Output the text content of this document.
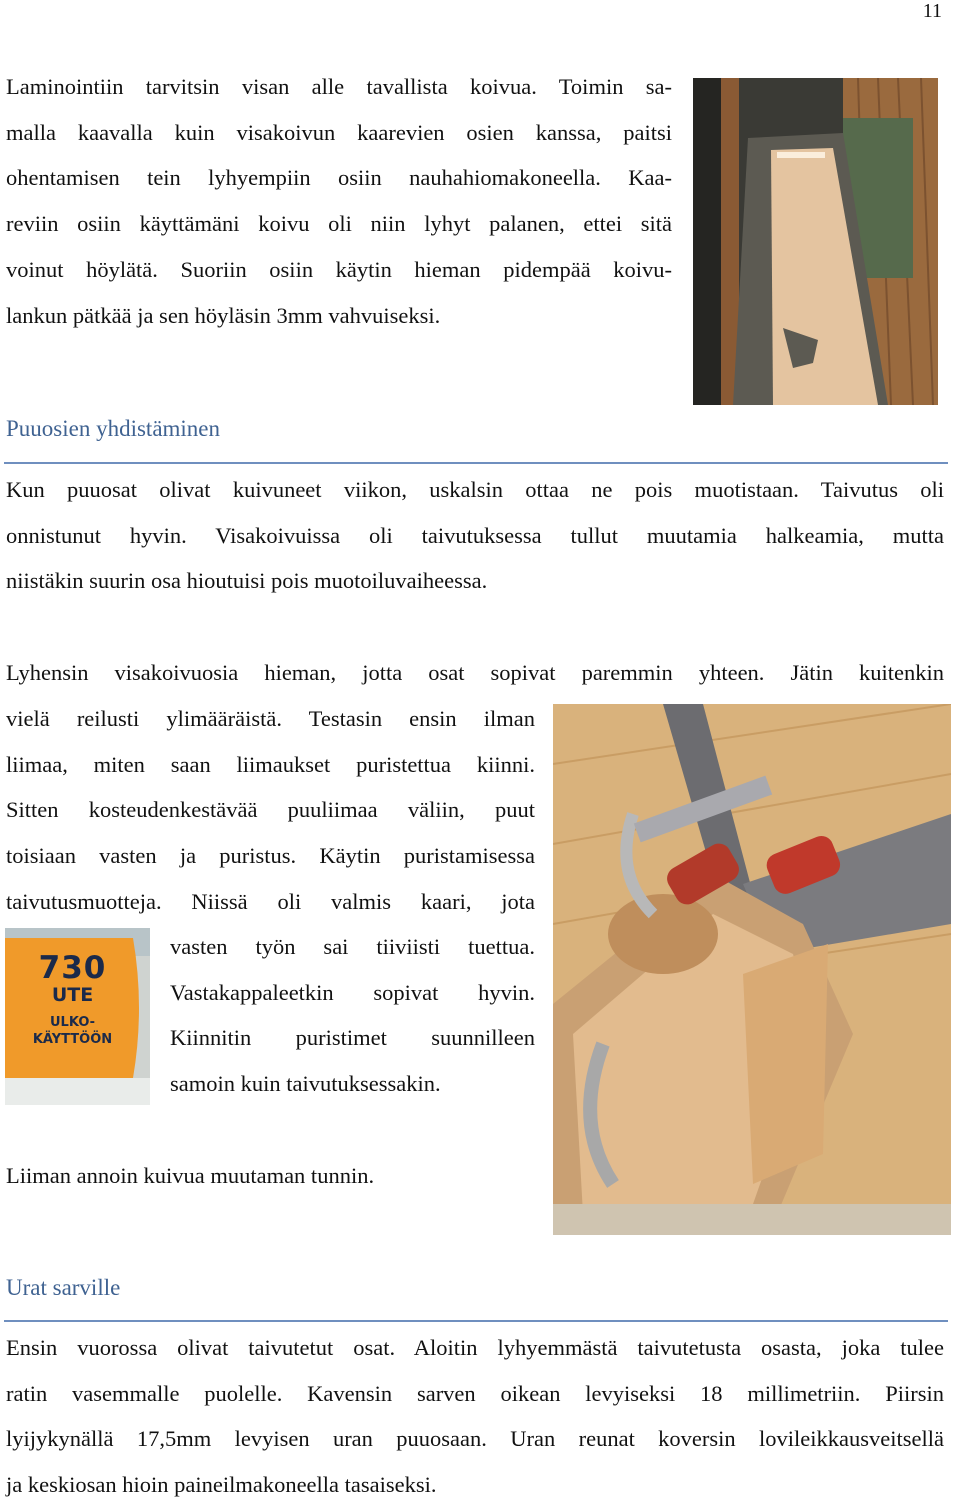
11
Laminointiin tarvitsin visan alle tavallista koivua. Toimin sa-
malla kaavalla kuin visakoivun kaarevien osien kanssa, paitsi
ohentamisen tein lyhyempiin osiin nauhahiomakoneella. Kaa-
reviin osiin käyttämäni koivu oli niin lyhyt palanen, ettei sitä
voinut höylätä. Suoriin osiin käytin hieman pidempää koivu-
lankun pätkää ja sen höyläsin 3mm vahvuiseksi.
Puuosien yhdistäminen
Kun puuosat olivat kuivuneet viikon, uskalsin ottaa ne pois muotistaan. Taivutus oli
onnistunut hyvin. Visakoivuissa oli taivutuksessa tullut muutamia halkeamia, mutta
niistäkin suurin osa hioutuisi pois muotoiluvaiheessa.
Lyhensin visakoivuosia hieman, jotta osat sopivat paremmin yhteen. Jätin kuitenkin
vielä reilusti ylimääräistä. Testasin ensin ilman
liimaa, miten saan liimaukset puristettua kiinni.
Sitten kosteudenkestävää puuliimaa väliin, puut
toisiaan vasten ja puristus. Käytin puristamisessa
taivutusmuotteja. Niissä oli valmis kaari, jota
vasten työn sai tiiviisti tuettua.
Vastakappaleetkin sopivat hyvin.
Kiinnitin puristimet suunnilleen
samoin kuin taivutuksessakin.
730
UTE
ULKO-
KÄYTTÖÖN
Liiman annoin kuivua muutaman tunnin.
Urat sarville
Ensin vuorossa olivat taivutetut osat. Aloitin lyhyemmästä taivutetusta osasta, joka tulee
ratin vasemmalle puolelle. Kavensin sarven oikean levyiseksi 18 millimetriin. Piirsin
lyijykynällä 17,5mm levyisen uran puuosaan. Uran reunat koversin lovileikkausveitsellä
ja keskiosan hioin paineilmakoneella tasaiseksi.
